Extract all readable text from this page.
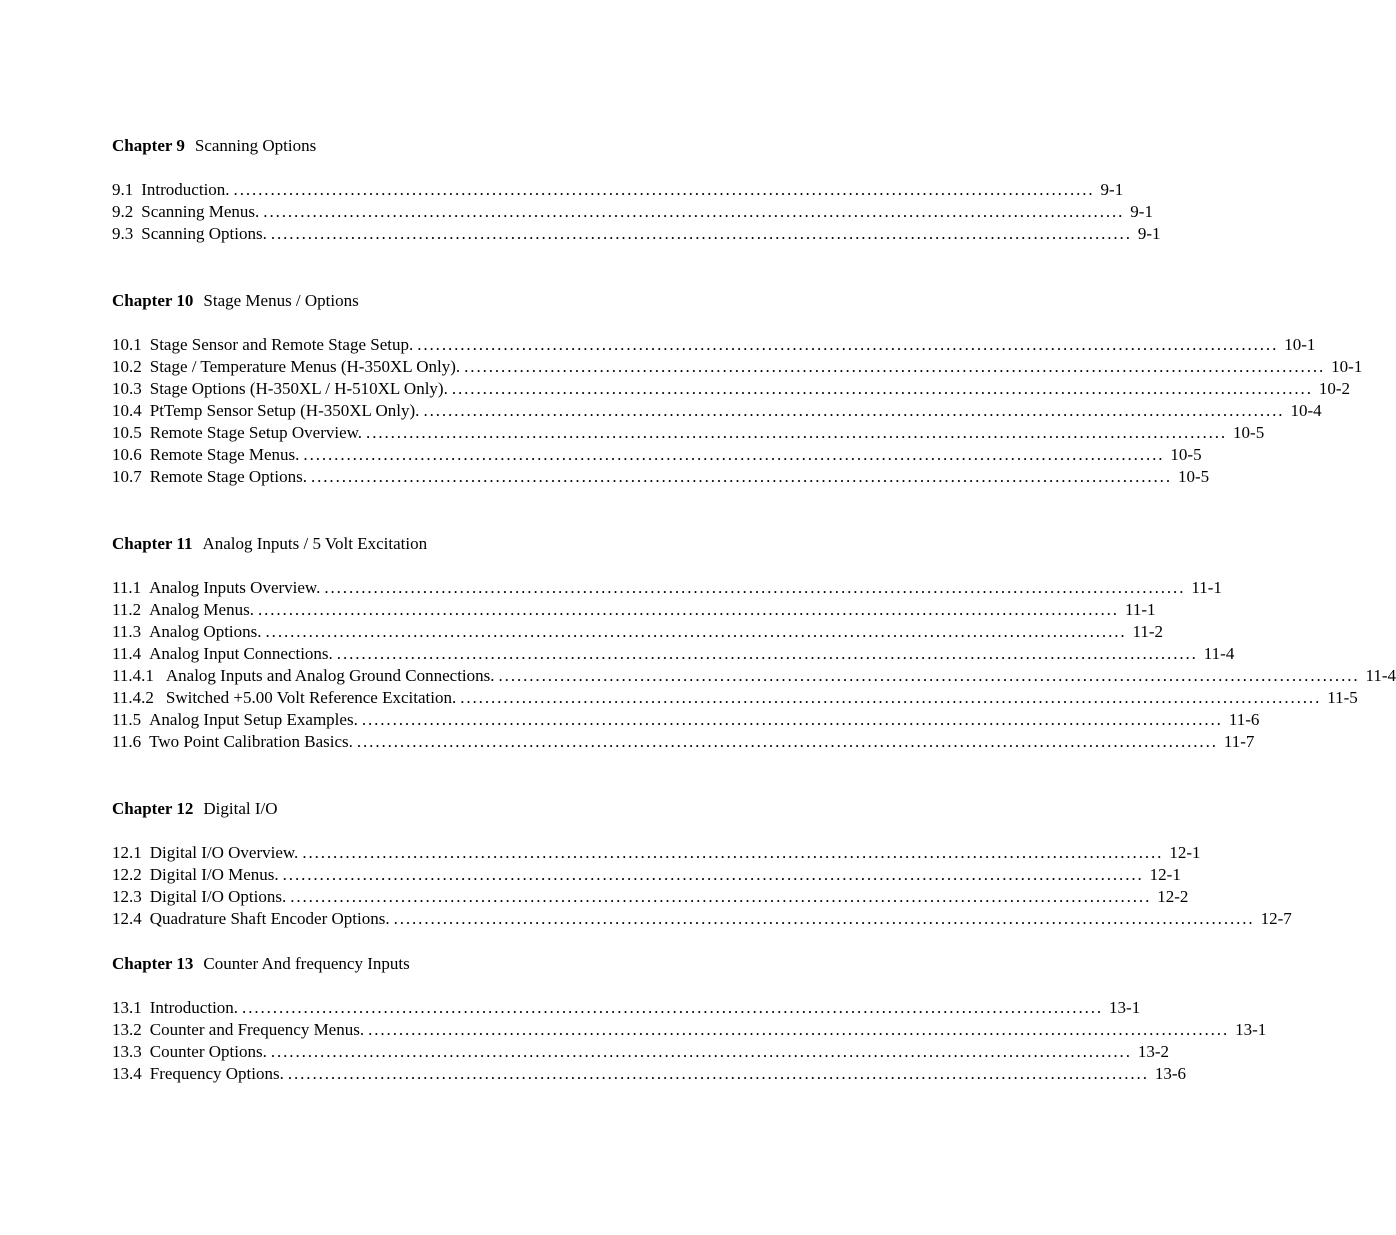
Chapter 9 Scanning Options
9.1 Introduction. ............................................................................................................................................ 9-1
9.2 Scanning Menus. ............................................................................................................................................ 9-1
9.3 Scanning Options. ............................................................................................................................................ 9-1
Chapter 10 Stage Menus / Options
10.1 Stage Sensor and Remote Stage Setup. ............................................................................................................................................ 10-1
10.2 Stage / Temperature Menus (H-350XL Only). ............................................................................................................................................ 10-1
10.3 Stage Options (H-350XL / H-510XL Only). ............................................................................................................................................ 10-2
10.4 PtTemp Sensor Setup (H-350XL Only). ............................................................................................................................................ 10-4
10.5 Remote Stage Setup Overview. ............................................................................................................................................ 10-5
10.6 Remote Stage Menus. ............................................................................................................................................ 10-5
10.7 Remote Stage Options. ............................................................................................................................................ 10-5
Chapter 11 Analog Inputs / 5 Volt Excitation
11.1 Analog Inputs Overview. ............................................................................................................................................ 11-1
11.2 Analog Menus. ............................................................................................................................................ 11-1
11.3 Analog Options. ............................................................................................................................................ 11-2
11.4 Analog Input Connections. ............................................................................................................................................ 11-4
11.4.1 Analog Inputs and Analog Ground Connections. ............................................................................................................................................ 11-4
11.4.2 Switched +5.00 Volt Reference Excitation. ............................................................................................................................................ 11-5
11.5 Analog Input Setup Examples. ............................................................................................................................................ 11-6
11.6 Two Point Calibration Basics. ............................................................................................................................................ 11-7
Chapter 12 Digital I/O
12.1 Digital I/O Overview. ............................................................................................................................................ 12-1
12.2 Digital I/O Menus. ............................................................................................................................................ 12-1
12.3 Digital I/O Options. ............................................................................................................................................ 12-2
12.4 Quadrature Shaft Encoder Options. ............................................................................................................................................ 12-7
Chapter 13 Counter And frequency Inputs
13.1 Introduction. ............................................................................................................................................ 13-1
13.2 Counter and Frequency Menus. ............................................................................................................................................ 13-1
13.3 Counter Options. ............................................................................................................................................ 13-2
13.4 Frequency Options. ............................................................................................................................................ 13-6
